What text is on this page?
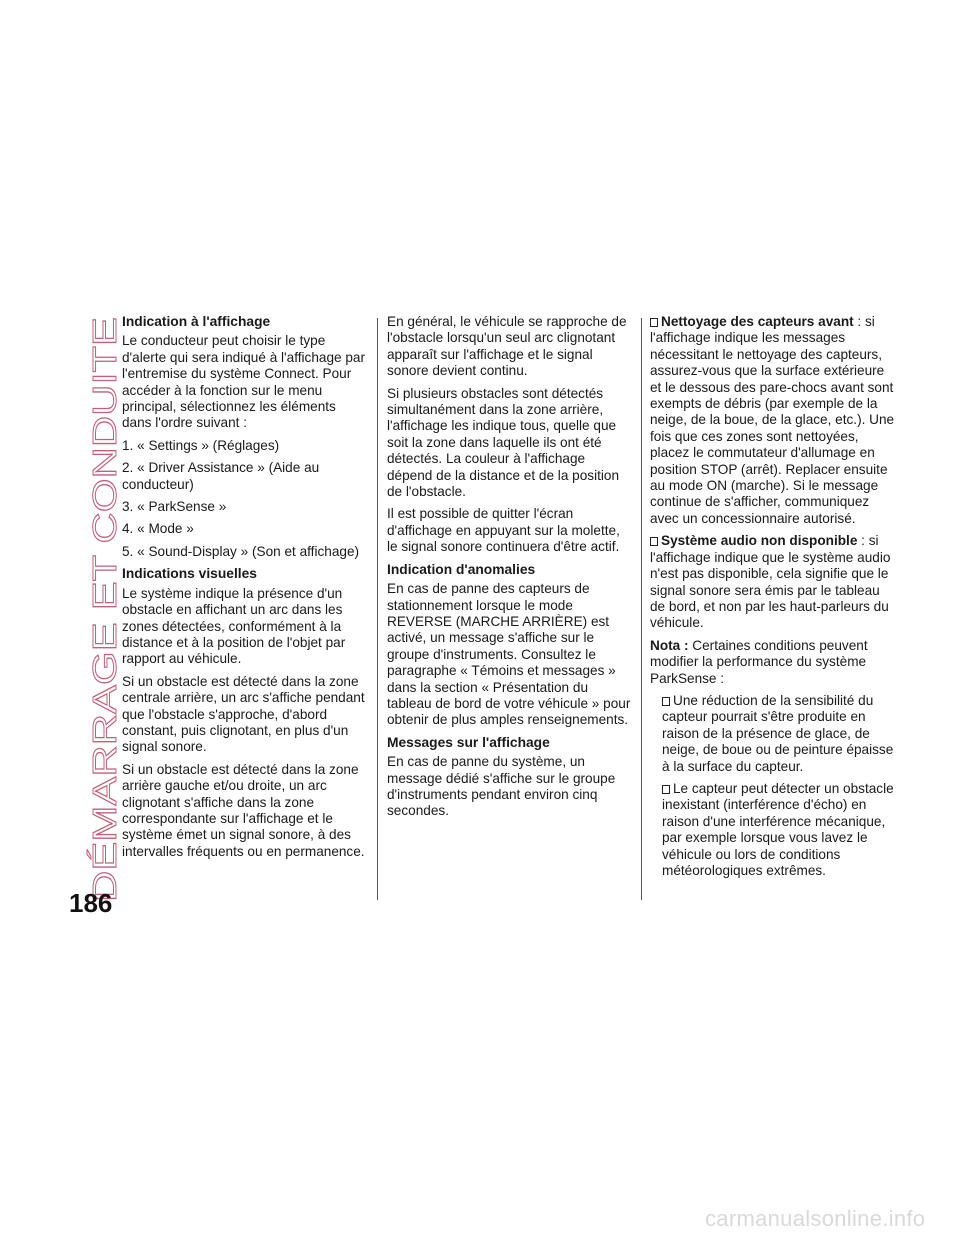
DÉMARRAGE ET CONDUITE
Indication à l'affichage

Le conducteur peut choisir le type d'alerte qui sera indiqué à l'affichage par l'entremise du système Connect. Pour accéder à la fonction sur le menu principal, sélectionnez les éléments dans l'ordre suivant :

1. « Settings » (Réglages)

2. « Driver Assistance » (Aide au conducteur)

3. « ParkSense »

4. « Mode »

5. « Sound-Display » (Son et affichage)

Indications visuelles

Le système indique la présence d'un obstacle en affichant un arc dans les zones détectées, conformément à la distance et à la position de l'objet par rapport au véhicule.

Si un obstacle est détecté dans la zone centrale arrière, un arc s'affiche pendant que l'obstacle s'approche, d'abord constant, puis clignotant, en plus d'un signal sonore.

Si un obstacle est détecté dans la zone arrière gauche et/ou droite, un arc clignotant s'affiche dans la zone correspondante sur l'affichage et le système émet un signal sonore, à des intervalles fréquents ou en permanence.

En général, le véhicule se rapproche de l'obstacle lorsqu'un seul arc clignotant apparaît sur l'affichage et le signal sonore devient continu.

Si plusieurs obstacles sont détectés simultanément dans la zone arrière, l'affichage les indique tous, quelle que soit la zone dans laquelle ils ont été détectés. La couleur à l'affichage dépend de la distance et de la position de l'obstacle.

Il est possible de quitter l'écran d'affichage en appuyant sur la molette, le signal sonore continuera d'être actif.

Indication d'anomalies

En cas de panne des capteurs de stationnement lorsque le mode REVERSE (MARCHE ARRIÈRE) est activé, un message s'affiche sur le groupe d'instruments. Consultez le paragraphe « Témoins et messages » dans la section « Présentation du tableau de bord de votre véhicule » pour obtenir de plus amples renseignements.

Messages sur l'affichage

En cas de panne du système, un message dédié s'affiche sur le groupe d'instruments pendant environ cinq secondes.

Nettoyage des capteurs avant : si l'affichage indique les messages nécessitant le nettoyage des capteurs, assurez-vous que la surface extérieure et le dessous des pare-chocs avant sont exempts de débris (par exemple de la neige, de la boue, de la glace, etc.). Une fois que ces zones sont nettoyées, placez le commutateur d'allumage en position STOP (arrêt). Replacer ensuite au mode ON (marche). Si le message continue de s'afficher, communiquez avec un concessionnaire autorisé.

Système audio non disponible : si l'affichage indique que le système audio n'est pas disponible, cela signifie que le signal sonore sera émis par le tableau de bord, et non par les haut-parleurs du véhicule.

Nota : Certaines conditions peuvent modifier la performance du système ParkSense :

Une réduction de la sensibilité du capteur pourrait s'être produite en raison de la présence de glace, de neige, de boue ou de peinture épaisse à la surface du capteur.

Le capteur peut détecter un obstacle inexistant (interférence d'écho) en raison d'une interférence mécanique, par exemple lorsque vous lavez le véhicule ou lors de conditions météorologiques extrêmes.

186
carmanualsonline.info
